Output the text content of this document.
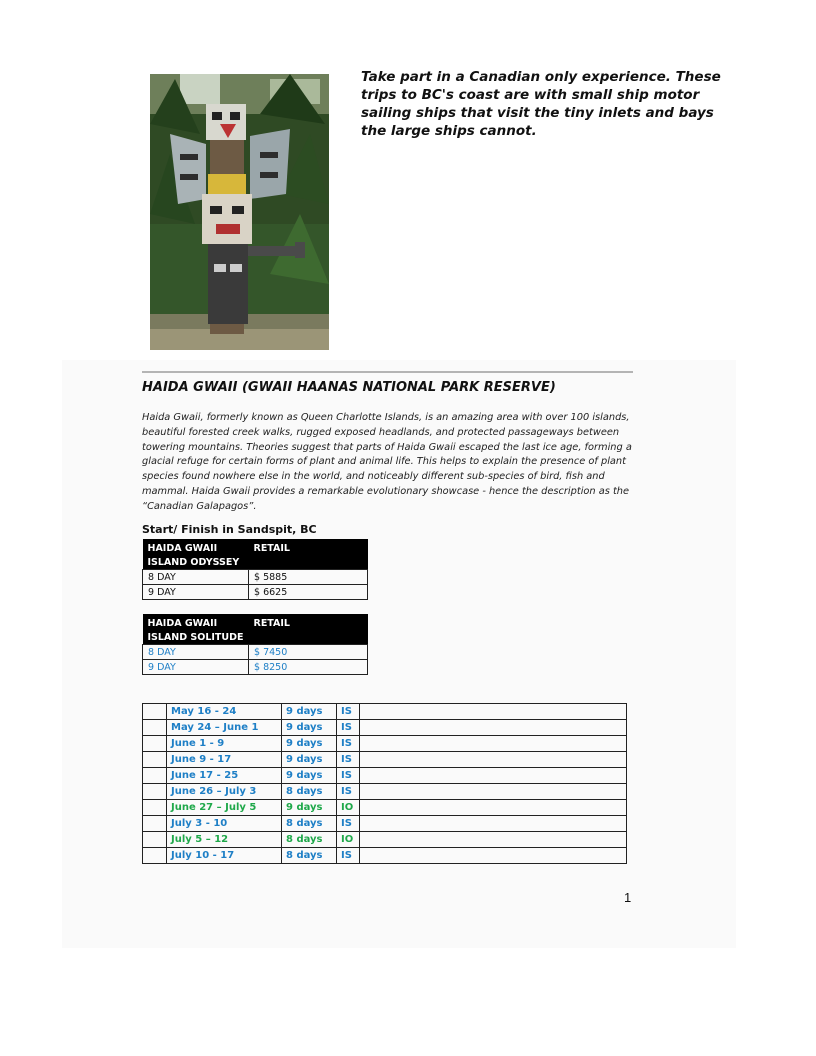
Take part in a Canadian only experience. These trips to BC's coast are with small ship motor sailing ships that visit the tiny inlets and bays the large ships cannot.
HAIDA GWAII (GWAII HAANAS NATIONAL PARK RESERVE)
Haida Gwaii, formerly known as Queen Charlotte Islands, is an amazing area with over 100 islands, beautiful forested creek walks, rugged exposed headlands, and protected passageways between towering mountains. Theories suggest that parts of Haida Gwaii escaped the last ice age, forming a glacial refuge for certain forms of plant and animal life. This helps to explain the presence of plant species found nowhere else in the world, and noticeably different sub-species of bird, fish and mammal. Haida Gwaii provides a remarkable evolutionary showcase - hence the description as the “Canadian Galapagos”.
Start/ Finish in Sandspit, BC
HAIDA GWAII	RETAIL
ISLAND ODYSSEY	
8 DAY	$ 5885
9 DAY	$ 6625
HAIDA GWAII	RETAIL
ISLAND SOLITUDE	
8 DAY	$ 7450
9 DAY	$ 8250
	May 16 - 24	9 days	IS	
	May 24 – June 1	9 days	IS	
	June 1 - 9	9 days	IS	
	June 9 - 17	9 days	IS	
	June 17 - 25	9 days	IS	
	June 26 – July 3	8 days	IS	
	June 27 – July 5	9 days	IO	
	July 3 - 10	8 days	IS	
	July 5 – 12	8 days	IO	
	July 10 - 17	8 days	IS	
1
